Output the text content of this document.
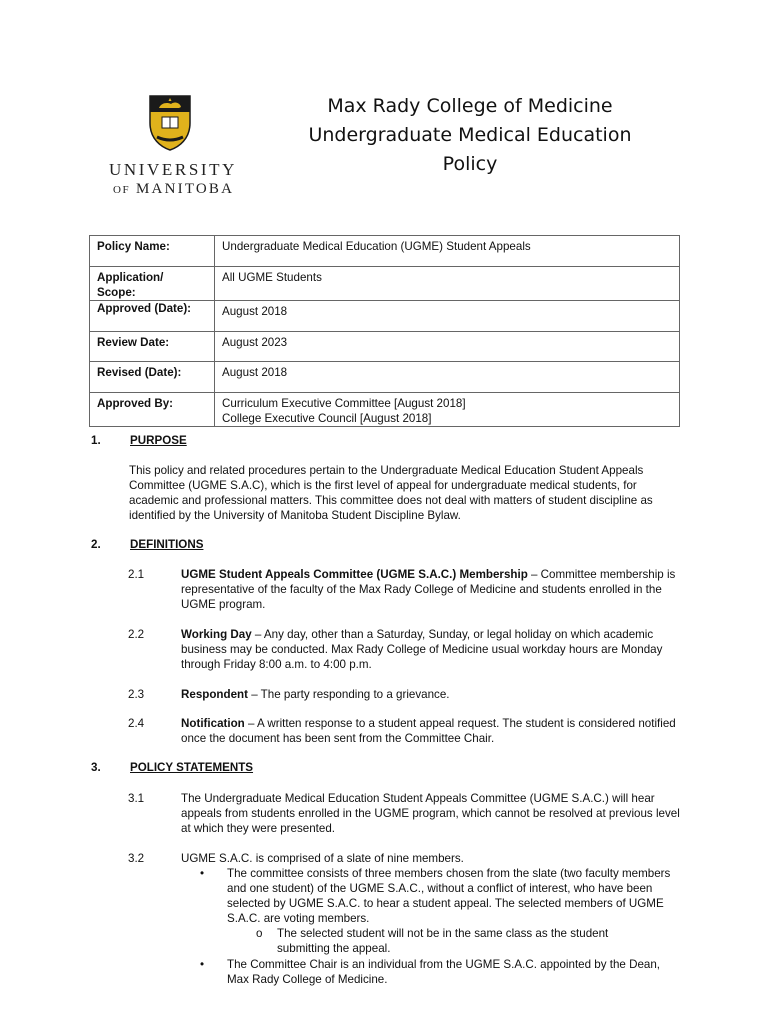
UNIVERSITY
OF MANITOBA
Max Rady College of Medicine
Undergraduate Medical Education
Policy
Policy Name:	Undergraduate Medical Education (UGME) Student Appeals
Application/
Scope:	All UGME Students
Approved (Date):	August 2018
Review Date:	August 2023
Revised (Date):	August 2018
Approved By:	Curriculum Executive Committee [August 2018]
College Executive Council [August 2018]
1.	PURPOSE
This policy and related procedures pertain to the Undergraduate Medical Education Student Appeals Committee (UGME S.A.C), which is the first level of appeal for undergraduate medical students, for academic and professional matters. This committee does not deal with matters of student discipline as identified by the University of Manitoba Student Discipline Bylaw.
2.	DEFINITIONS
2.1	UGME Student Appeals Committee (UGME S.A.C.) Membership – Committee membership is representative of the faculty of the Max Rady College of Medicine and students enrolled in the UGME program.
2.2	Working Day – Any day, other than a Saturday, Sunday, or legal holiday on which academic business may be conducted. Max Rady College of Medicine usual workday hours are Monday through Friday 8:00 a.m. to 4:00 p.m.
2.3	Respondent – The party responding to a grievance.
2.4	Notification – A written response to a student appeal request. The student is considered notified once the document has been sent from the Committee Chair.
3.	POLICY STATEMENTS
3.1	The Undergraduate Medical Education Student Appeals Committee (UGME S.A.C.) will hear appeals from students enrolled in the UGME program, which cannot be resolved at previous level at which they were presented.
3.2	UGME S.A.C. is comprised of a slate of nine members.
• The committee consists of three members chosen from the slate (two faculty members and one student) of the UGME S.A.C., without a conflict of interest, who have been selected by UGME S.A.C. to hear a student appeal. The selected members of UGME S.A.C. are voting members.
o The selected student will not be in the same class as the student submitting the appeal.
• The Committee Chair is an individual from the UGME S.A.C. appointed by the Dean, Max Rady College of Medicine.
